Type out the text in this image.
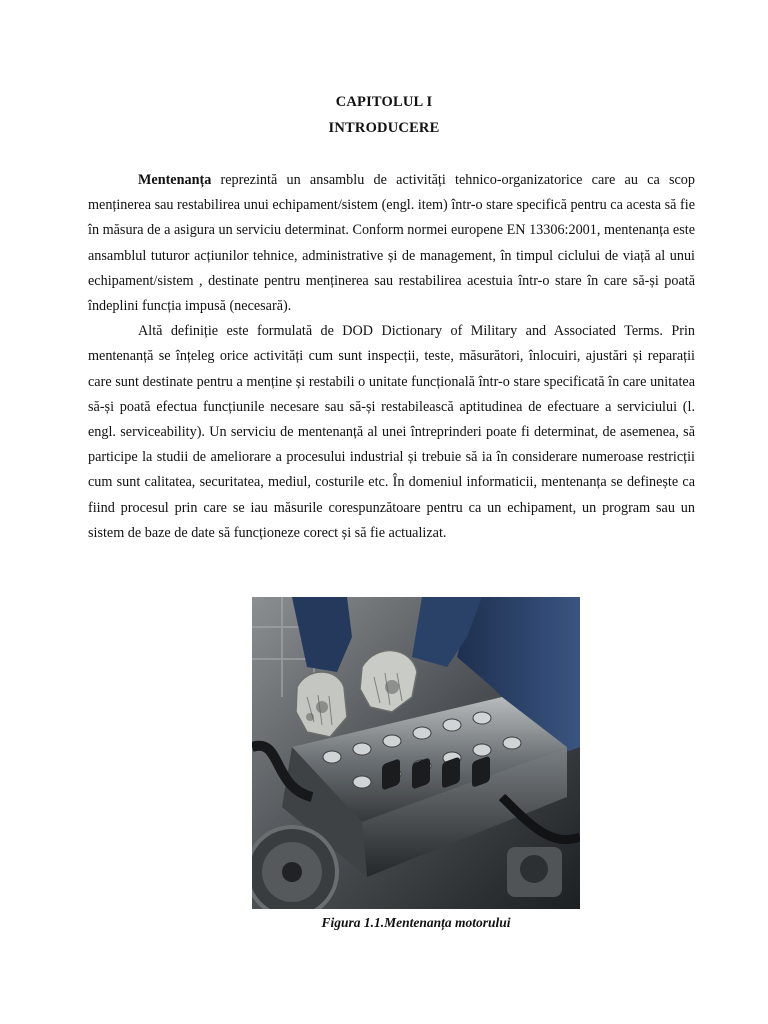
CAPITOLUL I
INTRODUCERE

Mentenanța reprezintă un ansamblu de activități tehnico-organizatorice care au ca scop menținerea sau restabilirea unui echipament/sistem (engl. item) într-o stare specifică pentru ca acesta să fie în măsura de a asigura un serviciu determinat. Conform normei europene EN 13306:2001, mentenanța este ansamblul tuturor acțiunilor tehnice, administrative și de management, în timpul ciclului de viață al unui echipament/sistem , destinate pentru menținerea sau restabilirea acestuia într-o stare în care să-și poată îndeplini funcția impusă (necesară).

Altă definiție este formulată de DOD Dictionary of Military and Associated Terms. Prin mentenanță se înțeleg orice activități cum sunt inspecții, teste, măsurători, înlocuiri, ajustări și reparații care sunt destinate pentru a menține și restabili o unitate funcțională într-o stare specificată în care unitatea să-și poată efectua funcțiunile necesare sau să-și restabilească aptitudinea de efectuare a serviciului (l. engl. serviceability). Un serviciu de mentenanță al unei întreprinderi poate fi determinat, de asemenea, să participe la studii de ameliorare a procesului industrial și trebuie să ia în considerare numeroase restricții cum sunt calitatea, securitatea, mediul, costurile etc. În domeniul informaticii, mentenanța se definește ca fiind procesul prin care se iau măsurile corespunzătoare pentru ca un echipament, un program sau un sistem de baze de date să funcționeze corect și să fie actualizat.

Figura 1.1.Mentenanța motorului
